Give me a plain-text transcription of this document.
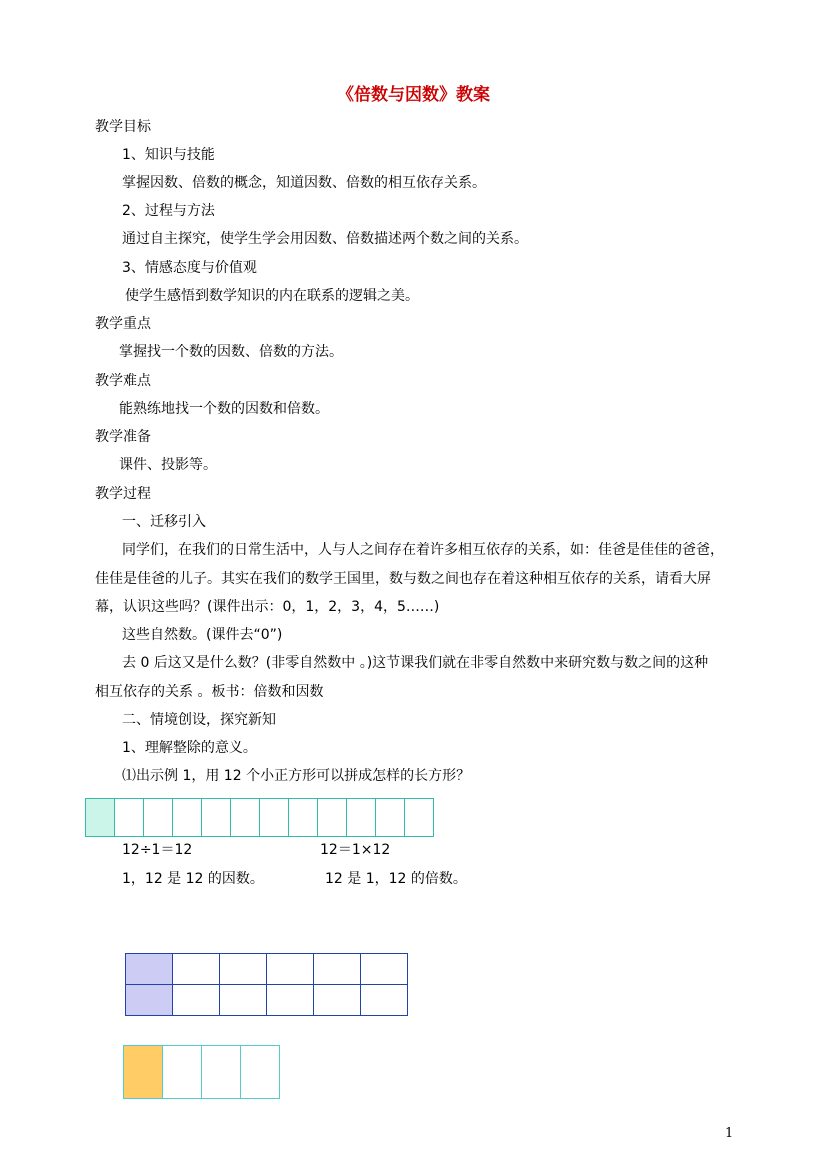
《倍数与因数》教案
教学目标
1、知识与技能
掌握因数、倍数的概念，知道因数、倍数的相互依存关系。
2、过程与方法
通过自主探究，使学生学会用因数、倍数描述两个数之间的关系。
3、情感态度与价值观
使学生感悟到数学知识的内在联系的逻辑之美。
教学重点
掌握找一个数的因数、倍数的方法。
教学难点
能熟练地找一个数的因数和倍数。
教学准备
课件、投影等。
教学过程
一、迁移引入
同学们，在我们的日常生活中，人与人之间存在着许多相互依存的关系，如：佳爸是佳佳的爸爸，
佳佳是佳爸的儿子。其实在我们的数学王国里，数与数之间也存在着这种相互依存的关系，请看大屏
幕，认识这些吗？(课件出示：0，1，2，3，4，5……)
这些自然数。(课件去“0”)
去 0 后这又是什么数？(非零自然数中 。)这节课我们就在非零自然数中来研究数与数之间的这种
相互依存的关系 。板书：倍数和因数
二、情境创设，探究新知
1、理解整除的意义。
⑴出示例 1，用 12 个小正方形可以拼成怎样的长方形？

12÷1＝12	12＝1×12
1，12 是 12 的因数。	12 是 1，12 的倍数。

1
